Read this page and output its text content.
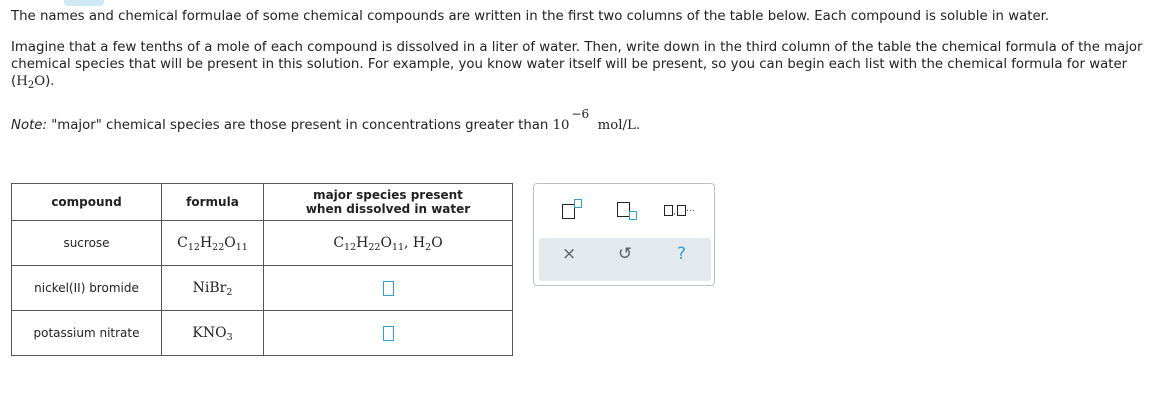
The names and chemical formulae of some chemical compounds are written in the first two columns of the table below. Each compound is soluble in water.

Imagine that a few tenths of a mole of each compound is dissolved in a liter of water. Then, write down in the third column of the table the chemical formula of the major chemical species that will be present in this solution. For example, you know water itself will be present, so you can begin each list with the chemical formula for water $(H_2O)$.

Note: "major" chemical species are those present in concentrations greater than 10−6  mol/L.

compound	formula	major species present
when dissolved in water
sucrose	$C_{12}H_{22}O_{11}$	$C_{12}H_{22}O_{11}$, $H_2O$
nickel(II) bromide	NiBr$_2$	
potassium nitrate	$KNO_3$	
, ...
× ↺	?
